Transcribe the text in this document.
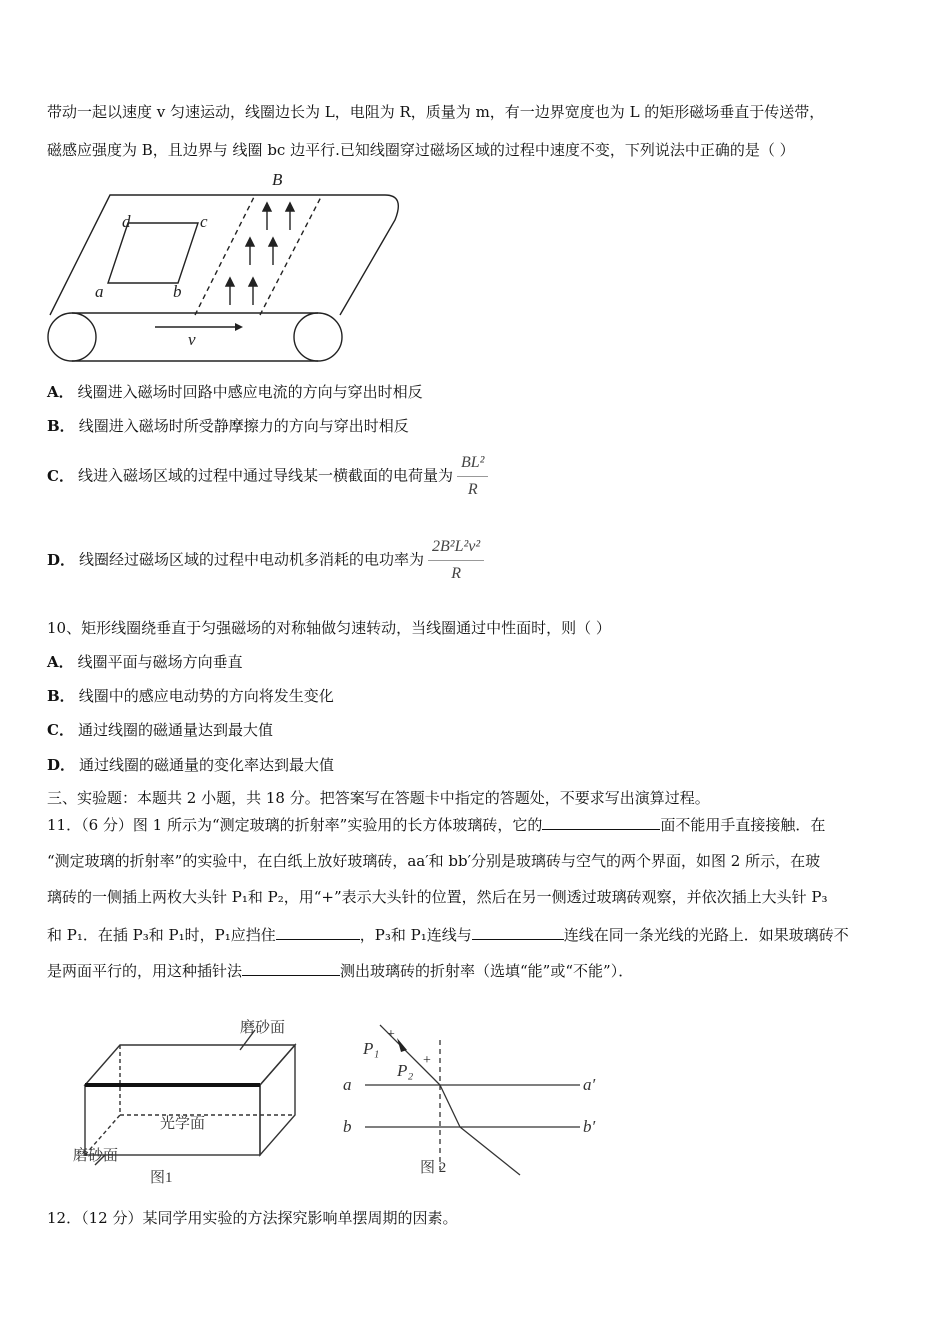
带动一起以速度 v 匀速运动，线圈边长为 L，电阻为 R，质量为 m，有一边界宽度也为 L 的矩形磁场垂直于传送带，
磁感应强度为 B，且边界与 线圈 bc 边平行.已知线圈穿过磁场区域的过程中速度不变，下列说法中正确的是（ ）
B
d	c
a	b
v
A． 线圈进入磁场时回路中感应电流的方向与穿出时相反
B． 线圈进入磁场时所受静摩擦力的方向与穿出时相反
C． 线进入磁场区域的过程中通过导线某一横截面的电荷量为 $\frac{\text{BL²}}{R}$
D． 线圈经过磁场区域的过程中电动机多消耗的电功率为 $\frac{\text{2B²L²v²}}{R}$
10、矩形线圈绕垂直于匀强磁场的对称轴做匀速转动，当线圈通过中性面时，则（ ）
A． 线圈平面与磁场方向垂直
B． 线圈中的感应电动势的方向将发生变化
C． 通过线圈的磁通量达到最大值
D． 通过线圈的磁通量的变化率达到最大值
三、实验题：本题共 2 小题，共 18 分。把答案写在答题卡中指定的答题处，不要求写出演算过程。
11．（6 分）图 1 所示为“测定玻璃的折射率”实验用的长方体玻璃砖，它的	面不能用手直接接触．在
“测定玻璃的折射率”的实验中，在白纸上放好玻璃砖，aa′和 bb′分别是玻璃砖与空气的两个界面，如图 2 所示，在玻
璃砖的一侧插上两枚大头针 P₁和 P₂，用“+”表示大头针的位置，然后在另一侧透过玻璃砖观察，并依次插上大头针 P₃
和 P₁．在插 P₃和 P₁时，P₁应挡住	，P₃和 P₁连线与	连线在同一条光线的光路上．如果玻璃砖不
是两面平行的，用这种插针法	测出玻璃砖的折射率（选填“能”或“不能”）．
磨砂面
光学面
磨砂面
图1
+
+
P₁
P₂
a	a′
b	b′
图 2
12．（12 分）某同学用实验的方法探究影响单摆周期的因素。
